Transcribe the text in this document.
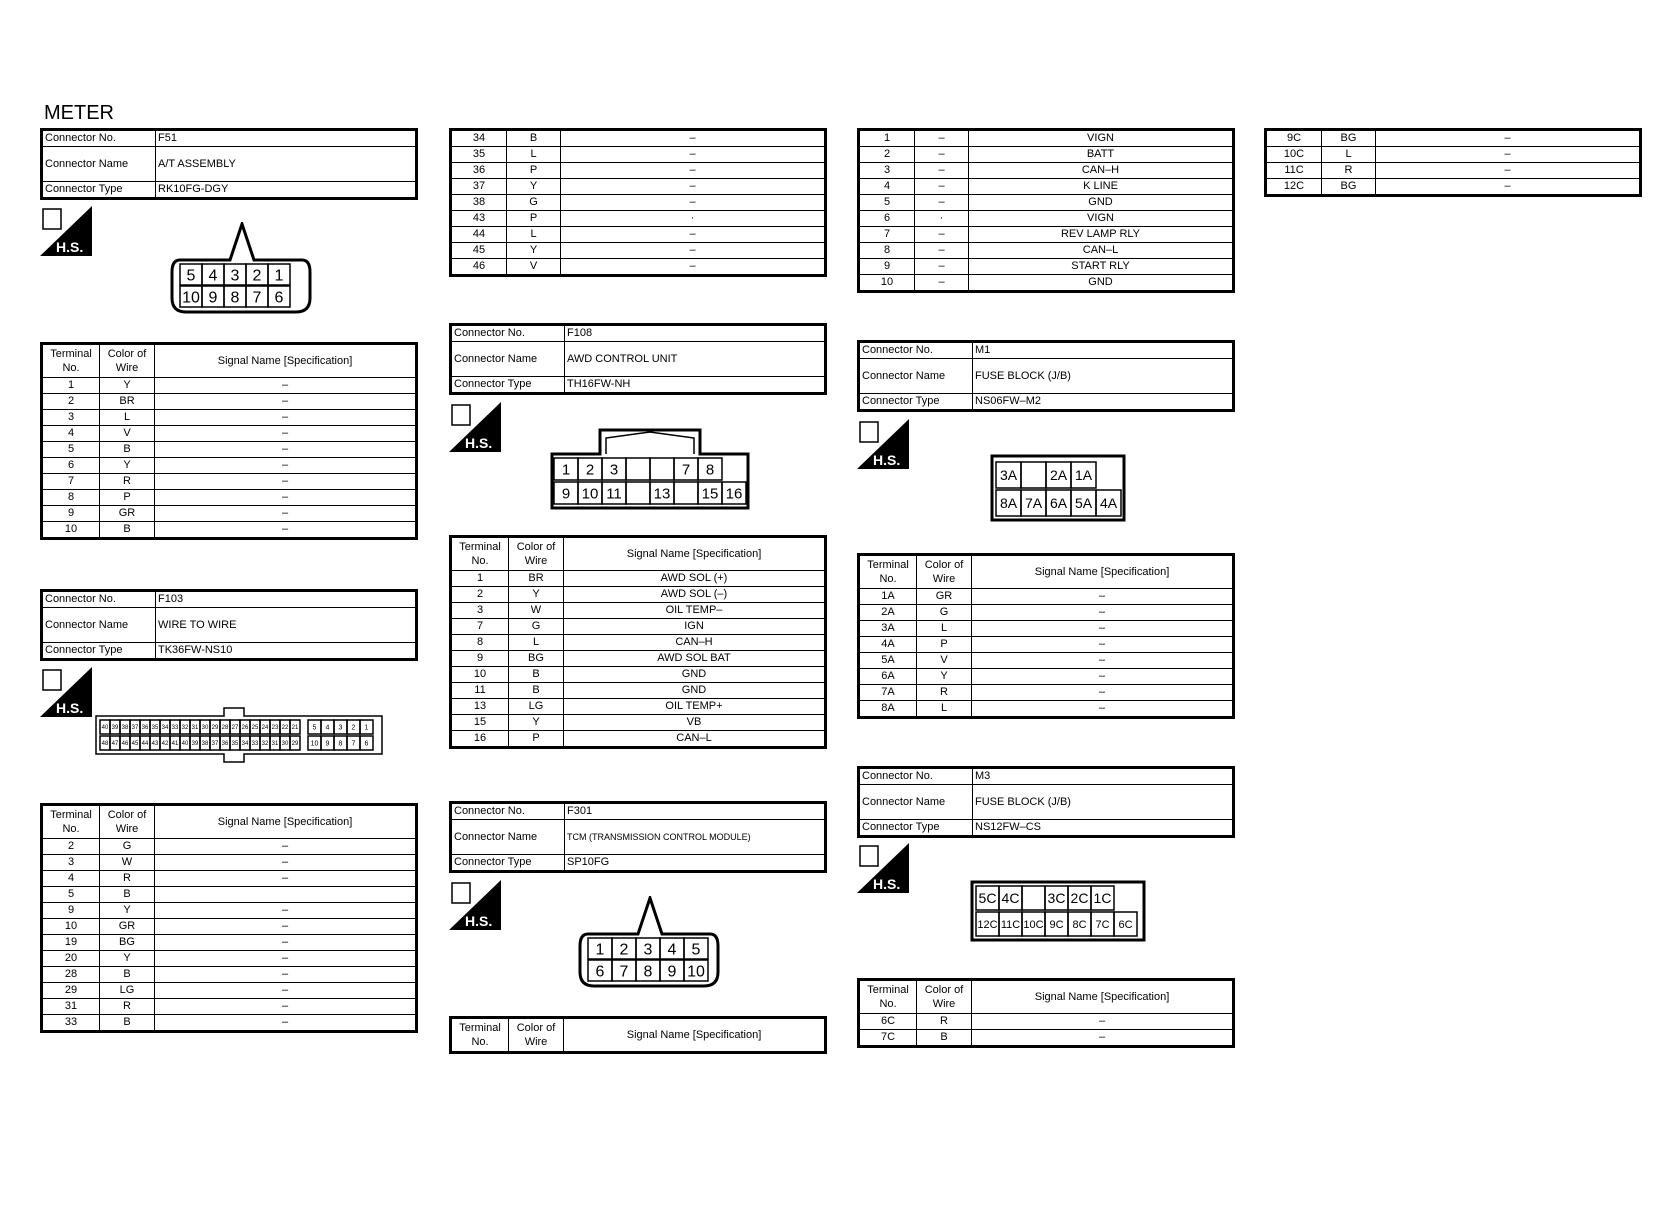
METER
Connector No.	F51
Connector Name	A/T ASSEMBLY
Connector Type	RK10FG-DGY
H.S.
5 4 3 2 1
10 9 8 7 6
Terminal No.	Color of Wire	Signal Name [Specification]
1	Y	–
2	BR	–
3	L	–
4	V	–
5	B	–
6	Y	–
7	R	–
8	P	–
9	GR	–
10	B	–
Connector No.	F103
Connector Name	WIRE TO WIRE
Connector Type	TK36FW-NS10
H.S.
40 39 38 37 36 35 34 33 32 31 30 29 28 27 26 25 24 23 22 21
48 47 46 45 44 43 42 41 40 39 38 37 36 35 34 33 32 31 30 29
5 4 3 2 1
10 9 8 7 6
Terminal No.	Color of Wire	Signal Name [Specification]
2	G	–
3	W	–
4	R	–
5	B	
9	Y	–
10	GR	–
19	BG	–
20	Y	–
28	B	–
29	LG	–
31	R	–
33	B	–
34	B	–
35	L	–
36	P	–
37	Y	–
38	G	–
43	P	·
44	L	–
45	Y	–
46	V	–
Connector No.	F108
Connector Name	AWD CONTROL UNIT
Connector Type	TH16FW-NH
H.S.
1 2 3	7 8
9 10 11 13 15 16
Terminal No.	Color of Wire	Signal Name [Specification]
1	BR	AWD SOL (+)
2	Y	AWD SOL (–)
3	W	OIL TEMP–
7	G	IGN
8	L	CAN–H
9	BG	AWD SOL BAT
10	B	GND
11	B	GND
13	LG	OIL TEMP+
15	Y	VB
16	P	CAN–L
Connector No.	F301
Connector Name	TCM (TRANSMISSION CONTROL MODULE)
Connector Type	SP10FG
H.S.
1 2 3 4 5
6 7 8 9 10
Terminal No.	Color of Wire	Signal Name [Specification]
1	–	VIGN
2	–	BATT
3	–	CAN–H
4	–	K LINE
5	–	GND
6	·	VIGN
7	–	REV LAMP RLY
8	–	CAN–L
9	–	START RLY
10	–	GND
Connector No.	M1
Connector Name	FUSE BLOCK (J/B)
Connector Type	NS06FW–M2
H.S.
3A 2A 1A
8A 7A 6A 5A 4A
Terminal No.	Color of Wire	Signal Name [Specification]
1A	GR	–
2A	G	–
3A	L	–
4A	P	–
5A	V	–
6A	Y	–
7A	R	–
8A	L	–
Connector No.	M3
Connector Name	FUSE BLOCK (J/B)
Connector Type	NS12FW–CS
H.S.
5C 4C 3C 2C 1C
12C 11C 10C 9C 8C 7C 6C
Terminal No.	Color of Wire	Signal Name [Specification]
6C	R	–
7C	B	–
9C	BG	–
10C	L	–
11C	R	–
12C	BG	–
